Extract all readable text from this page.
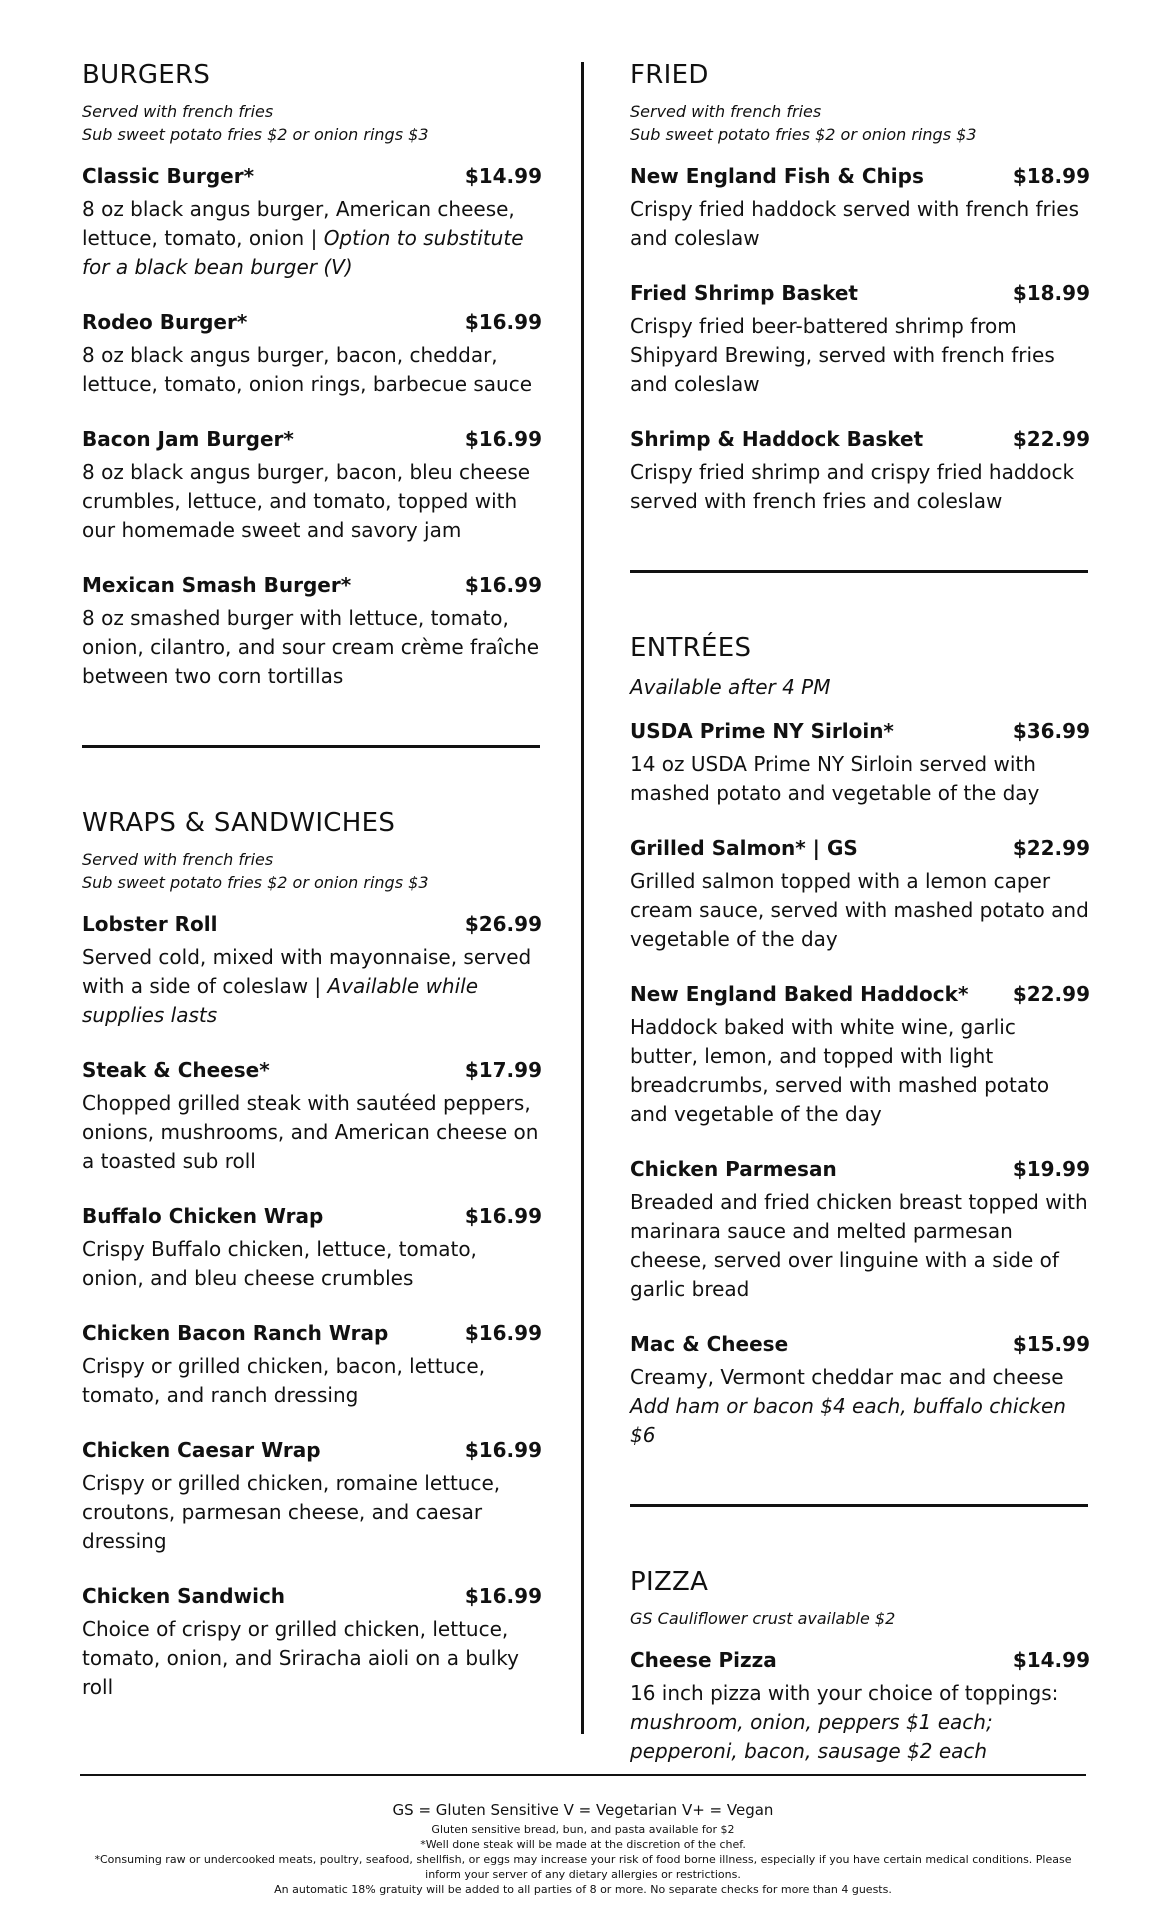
BURGERS
Served with french fries
Sub sweet potato fries $2 or onion rings $3
Classic Burger*	$14.99
8 oz black angus burger, American cheese, lettuce, tomato, onion | Option to substitute for a black bean burger (V)
Rodeo Burger*	$16.99
8 oz black angus burger, bacon, cheddar, lettuce, tomato, onion rings, barbecue sauce
Bacon Jam Burger*	$16.99
8 oz black angus burger, bacon, bleu cheese crumbles, lettuce, and tomato, topped with our homemade sweet and savory jam
Mexican Smash Burger*	$16.99
8 oz smashed burger with lettuce, tomato, onion, cilantro, and sour cream crème fraîche between two corn tortillas
WRAPS & SANDWICHES
Served with french fries
Sub sweet potato fries $2 or onion rings $3
Lobster Roll	$26.99
Served cold, mixed with mayonnaise, served with a side of coleslaw | Available while supplies lasts
Steak & Cheese*	$17.99
Chopped grilled steak with sautéed peppers, onions, mushrooms, and American cheese on a toasted sub roll
Buffalo Chicken Wrap	$16.99
Crispy Buffalo chicken, lettuce, tomato, onion, and bleu cheese crumbles
Chicken Bacon Ranch Wrap	$16.99
Crispy or grilled chicken, bacon, lettuce, tomato, and ranch dressing
Chicken Caesar Wrap	$16.99
Crispy or grilled chicken, romaine lettuce, croutons, parmesan cheese, and caesar dressing
Chicken Sandwich	$16.99
Choice of crispy or grilled chicken, lettuce, tomato, onion, and Sriracha aioli on a bulky roll
FRIED
Served with french fries
Sub sweet potato fries $2 or onion rings $3
New England Fish & Chips	$18.99
Crispy fried haddock served with french fries and coleslaw
Fried Shrimp Basket	$18.99
Crispy fried beer-battered shrimp from Shipyard Brewing, served with french fries and coleslaw
Shrimp & Haddock Basket	$22.99
Crispy fried shrimp and crispy fried haddock served with french fries and coleslaw
ENTRÉES
Available after 4 PM
USDA Prime NY Sirloin*	$36.99
14 oz USDA Prime NY Sirloin served with mashed potato and vegetable of the day
Grilled Salmon* | GS	$22.99
Grilled salmon topped with a lemon caper cream sauce, served with mashed potato and vegetable of the day
New England Baked Haddock* $22.99
Haddock baked with white wine, garlic butter, lemon, and topped with light breadcrumbs, served with mashed potato and vegetable of the day
Chicken Parmesan	$19.99
Breaded and fried chicken breast topped with marinara sauce and melted parmesan cheese, served over linguine with a side of garlic bread
Mac & Cheese	$15.99
Creamy, Vermont cheddar mac and cheese Add ham or bacon $4 each, buffalo chicken $6
PIZZA
GS Cauliflower crust available $2
Cheese Pizza	$14.99
16 inch pizza with your choice of toppings: mushroom, onion, peppers $1 each; pepperoni, bacon, sausage $2 each
GS = Gluten Sensitive V = Vegetarian V+ = Vegan
Gluten sensitive bread, bun, and pasta available for $2
*Well done steak will be made at the discretion of the chef.
*Consuming raw or undercooked meats, poultry, seafood, shellfish, or eggs may increase your risk of food borne illness, especially if you have certain medical conditions. Please inform your server of any dietary allergies or restrictions.
An automatic 18% gratuity will be added to all parties of 8 or more. No separate checks for more than 4 guests.
